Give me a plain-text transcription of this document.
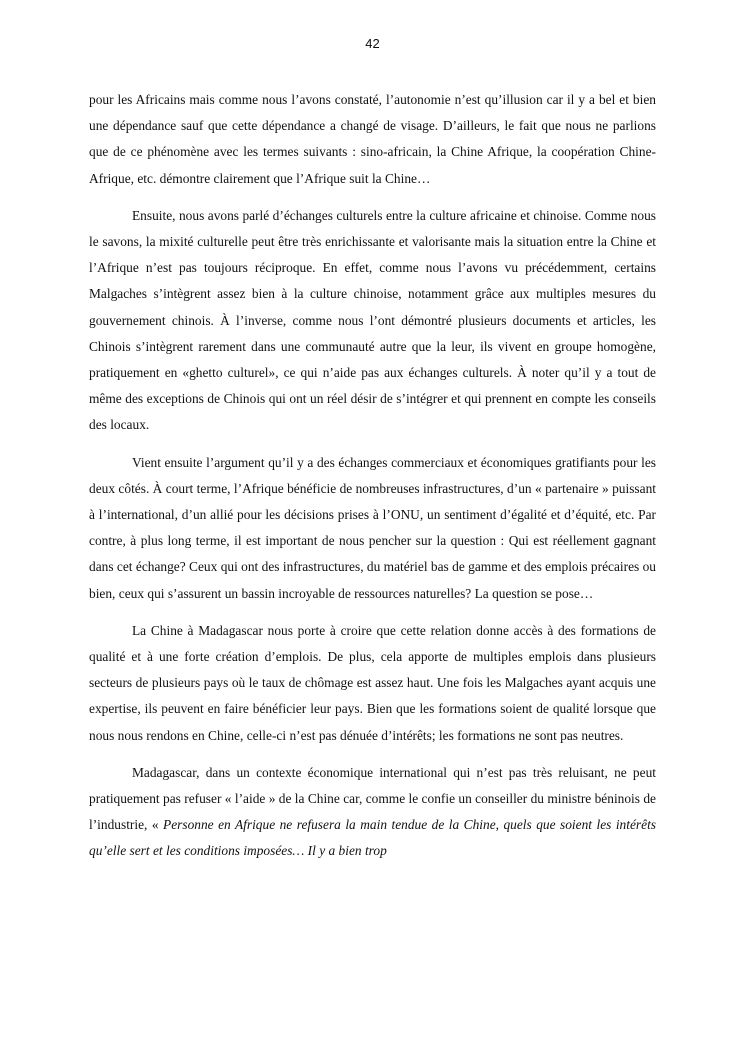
42

pour les Africains mais comme nous l’avons constaté, l’autonomie n’est qu’illusion car il y a bel et bien une dépendance sauf que cette dépendance a changé de visage. D’ailleurs, le fait que nous ne parlions que de ce phénomène avec les termes suivants : sino-africain, la Chine Afrique, la coopération Chine-Afrique, etc. démontre clairement que l’Afrique suit la Chine…

Ensuite, nous avons parlé d’échanges culturels entre la culture africaine et chinoise. Comme nous le savons, la mixité culturelle peut être très enrichissante et valorisante mais la situation entre la Chine et l’Afrique n’est pas toujours réciproque. En effet, comme nous l’avons vu précédemment, certains Malgaches s’intègrent assez bien à la culture chinoise, notamment grâce aux multiples mesures du gouvernement chinois. À l’inverse, comme nous l’ont démontré plusieurs documents et articles, les Chinois s’intègrent rarement dans une communauté autre que la leur, ils vivent en groupe homogène, pratiquement en «ghetto culturel», ce qui n’aide pas aux échanges culturels. À noter qu’il y a tout de même des exceptions de Chinois qui ont un réel désir de s’intégrer et qui prennent en compte les conseils des locaux.

Vient ensuite l’argument qu’il y a des échanges commerciaux et économiques gratifiants pour les deux côtés. À court terme, l’Afrique bénéficie de nombreuses infrastructures, d’un « partenaire » puissant à l’international, d’un allié pour les décisions prises à l’ONU, un sentiment d’égalité et d’équité, etc. Par contre, à plus long terme, il est important de nous pencher sur la question : Qui est réellement gagnant dans cet échange? Ceux qui ont des infrastructures, du matériel bas de gamme et des emplois précaires ou bien, ceux qui s’assurent un bassin incroyable de ressources naturelles? La question se pose…

La Chine à Madagascar nous porte à croire que cette relation donne accès à des formations de qualité et à une forte création d’emplois. De plus, cela apporte de multiples emplois dans plusieurs secteurs de plusieurs pays où le taux de chômage est assez haut. Une fois les Malgaches ayant acquis une expertise, ils peuvent en faire bénéficier leur pays. Bien que les formations soient de qualité lorsque que nous nous rendons en Chine, celle-ci n’est pas dénuée d’intérêts; les formations ne sont pas neutres.

Madagascar, dans un contexte économique international qui n’est pas très reluisant, ne peut pratiquement pas refuser « l’aide » de la Chine car, comme le confie un conseiller du ministre béninois de l’industrie, « Personne en Afrique ne refusera la main tendue de la Chine, quels que soient les intérêts qu’elle sert et les conditions imposées… Il y a bien trop
